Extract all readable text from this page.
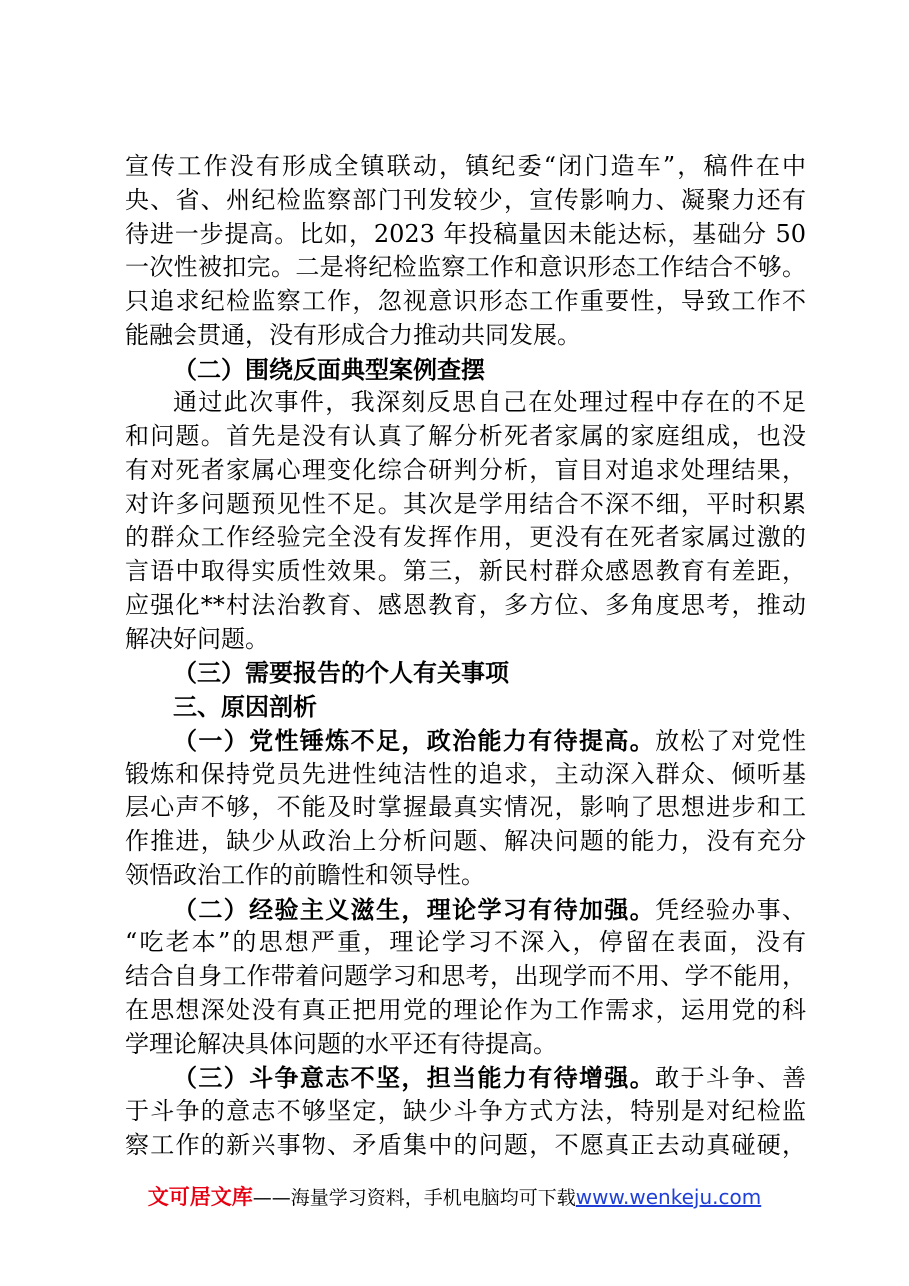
宣传工作没有形成全镇联动，镇纪委“闭门造车”，稿件在中
央、省、州纪检监察部门刊发较少，宣传影响力、凝聚力还有
待进一步提高。比如，2023 年投稿量因未能达标，基础分 50
一次性被扣完。二是将纪检监察工作和意识形态工作结合不够。
只追求纪检监察工作，忽视意识形态工作重要性，导致工作不
能融会贯通，没有形成合力推动共同发展。
（二）围绕反面典型案例查摆
通过此次事件，我深刻反思自己在处理过程中存在的不足
和问题。首先是没有认真了解分析死者家属的家庭组成，也没
有对死者家属心理变化综合研判分析，盲目对追求处理结果，
对许多问题预见性不足。其次是学用结合不深不细，平时积累
的群众工作经验完全没有发挥作用，更没有在死者家属过激的
言语中取得实质性效果。第三，新民村群众感恩教育有差距，
应强化**村法治教育、感恩教育，多方位、多角度思考，推动
解决好问题。
（三）需要报告的个人有关事项
三、原因剖析
（一）党性锤炼不足，政治能力有待提高。放松了对党性
锻炼和保持党员先进性纯洁性的追求，主动深入群众、倾听基
层心声不够，不能及时掌握最真实情况，影响了思想进步和工
作推进，缺少从政治上分析问题、解决问题的能力，没有充分
领悟政治工作的前瞻性和领导性。
（二）经验主义滋生，理论学习有待加强。凭经验办事、
“吃老本”的思想严重，理论学习不深入，停留在表面，没有
结合自身工作带着问题学习和思考，出现学而不用、学不能用，
在思想深处没有真正把用党的理论作为工作需求，运用党的科
学理论解决具体问题的水平还有待提高。
（三）斗争意志不坚，担当能力有待增强。敢于斗争、善
于斗争的意志不够坚定，缺少斗争方式方法，特别是对纪检监
察工作的新兴事物、矛盾集中的问题，不愿真正去动真碰硬，
文可居文库——海量学习资料，手机电脑均可下载www.wenkeju.com
